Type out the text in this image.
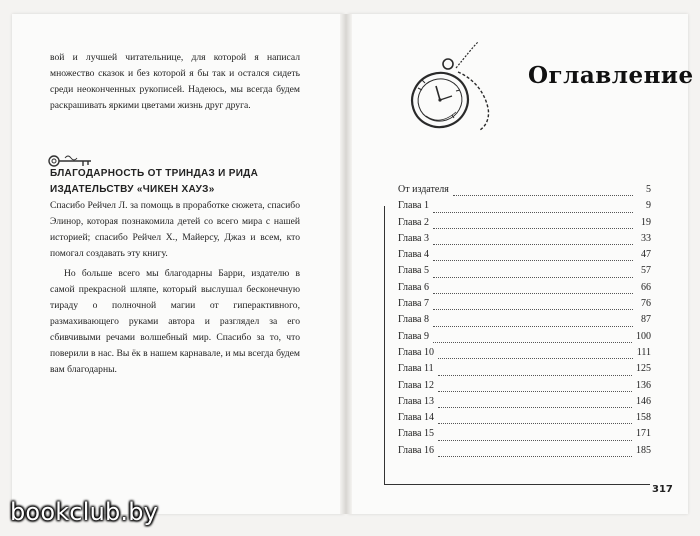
вой и лучшей читательнице, для которой я написал множество сказок и без которой я бы так и остался сидеть среди неоконченных рукописей. Надеюсь, мы всегда будем раскрашивать яркими цветами жизнь друг друга.

БЛАГОДАРНОСТЬ ОТ ТРИНДАЗ И РИДА
ИЗДАТЕЛЬСТВУ «ЧИКЕН ХАУЗ»

Спасибо Рейчел Л. за помощь в проработке сюжета, спасибо Элинор, которая познакомила детей со всего мира с нашей историей; спасибо Рейчел Х., Майерсу, Джаз и всем, кто помогал создавать эту книгу.

Но больше всего мы благодарны Барри, издателю в самой прекрасной шляпе, который выслушал бесконечную тираду о полночной магии от гиперактивного, размахивающего руками автора и разглядел за его сбивчивыми речами волшебный мир. Спасибо за то, что поверили в нас. Вы ёк в нашем карнавале, и мы всегда будем вам благодарны.

Оглавление
От издателя	5
Глава 1	9
Глава 2	19
Глава 3	33
Глава 4	47
Глава 5	57
Глава 6	66
Глава 7	76
Глава 8	87
Глава 9	100
Глава 10	111
Глава 11	125
Глава 12	136
Глава 13	146
Глава 14	158
Глава 15	171
Глава 16	185
317
bookclub.by
